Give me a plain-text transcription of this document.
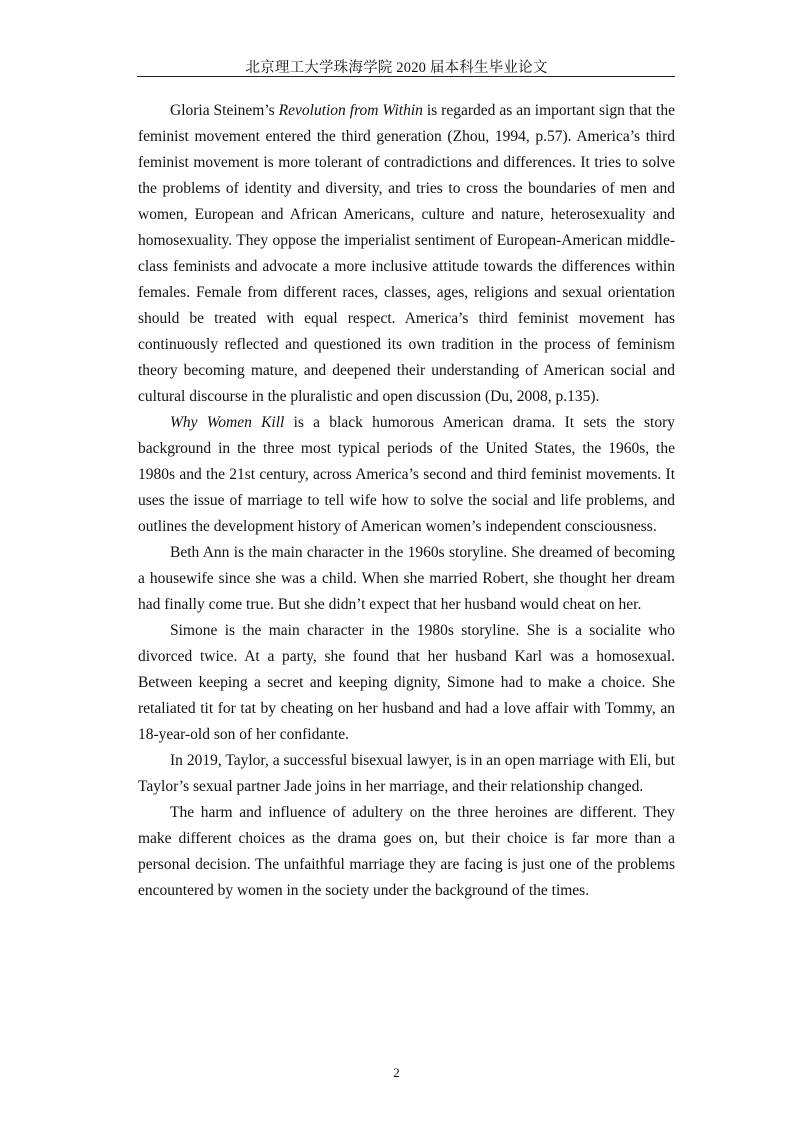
北京理工大学珠海学院 2020 届本科生毕业论文

Gloria Steinem’s Revolution from Within is regarded as an important sign that the feminist movement entered the third generation (Zhou, 1994, p.57). America’s third feminist movement is more tolerant of contradictions and differences. It tries to solve the problems of identity and diversity, and tries to cross the boundaries of men and women, European and African Americans, culture and nature, heterosexuality and homosexuality. They oppose the imperialist sentiment of European-American middle-class feminists and advocate a more inclusive attitude towards the differences within females. Female from different races, classes, ages, religions and sexual orientation should be treated with equal respect. America’s third feminist movement has continuously reflected and questioned its own tradition in the process of feminism theory becoming mature, and deepened their understanding of American social and cultural discourse in the pluralistic and open discussion (Du, 2008, p.135).

Why Women Kill is a black humorous American drama. It sets the story background in the three most typical periods of the United States, the 1960s, the 1980s and the 21st century, across America’s second and third feminist movements. It uses the issue of marriage to tell wife how to solve the social and life problems, and outlines the development history of American women’s independent consciousness.

Beth Ann is the main character in the 1960s storyline. She dreamed of becoming a housewife since she was a child. When she married Robert, she thought her dream had finally come true. But she didn’t expect that her husband would cheat on her.

Simone is the main character in the 1980s storyline. She is a socialite who divorced twice. At a party, she found that her husband Karl was a homosexual. Between keeping a secret and keeping dignity, Simone had to make a choice. She retaliated tit for tat by cheating on her husband and had a love affair with Tommy, an 18-year-old son of her confidante.

In 2019, Taylor, a successful bisexual lawyer, is in an open marriage with Eli, but Taylor’s sexual partner Jade joins in her marriage, and their relationship changed.

The harm and influence of adultery on the three heroines are different. They make different choices as the drama goes on, but their choice is far more than a personal decision. The unfaithful marriage they are facing is just one of the problems encountered by women in the society under the background of the times.

2
